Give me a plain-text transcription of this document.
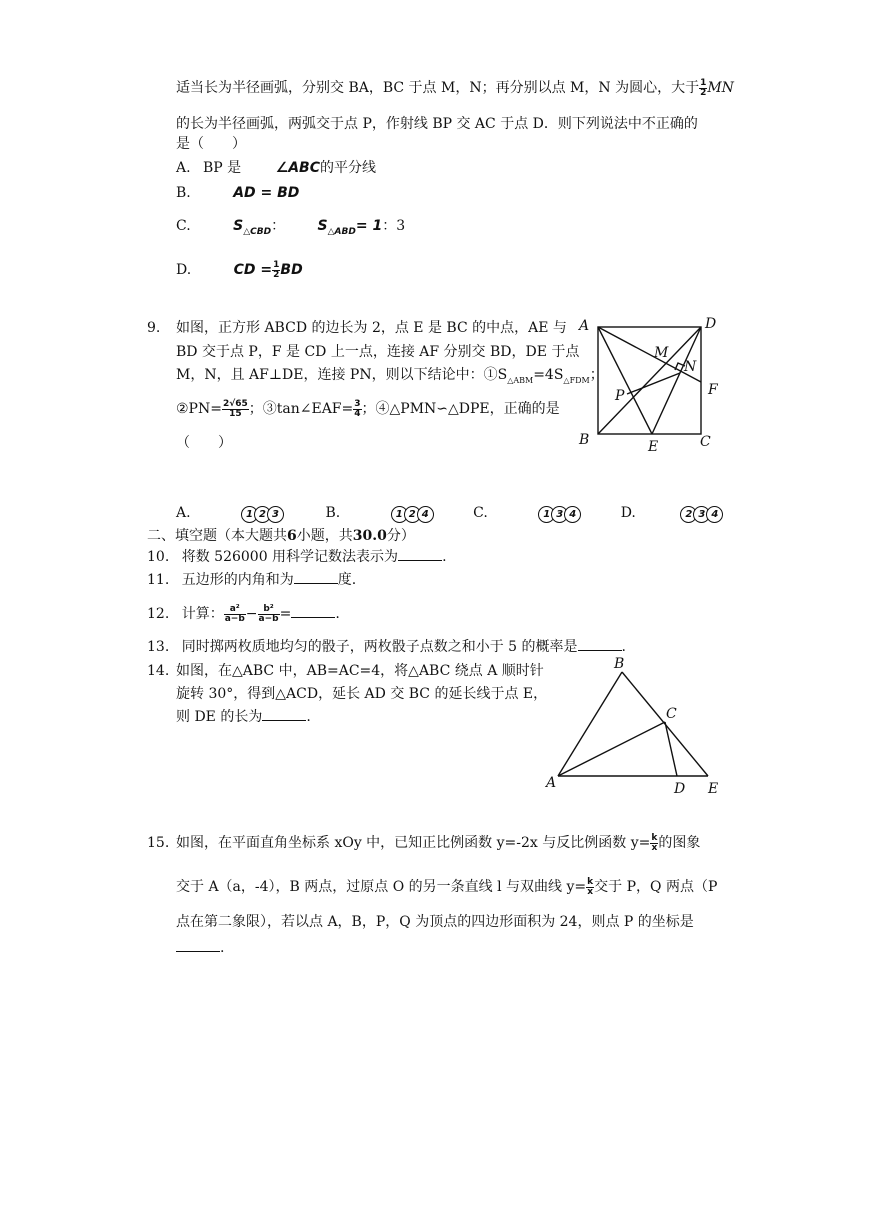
适当长为半径画弧，分别交 BA，BC 于点 M，N；再分别以点 M，N 为圆心，大于 $\frac{1}{2}$ MN
的长为半径画弧，两弧交于点 P，作射线 BP 交 AC 于点 D．则下列说法中不正确的
是（　　）
A. BP 是 ∠ABC的平分线
B.	AD = BD
C.	$S_{\triangle CBD}$： $S_{\triangle ABD}= 1$：3
D.	CD = $\frac{1}{2}$ BD
9. 如图，正方形 ABCD 的边长为 2，点 E 是 BC 的中点，AE 与
BD 交于点 P，F 是 CD 上一点，连接 AF 分别交 BD，DE 于点
M，N，且 AF⊥DE，连接 PN，则以下结论中：$①S_{\triangle ABM}=4S_{\triangle FDM}$；
②PN= $\frac{2√65}{15}$ ；③tan∠EAF= $\frac{3}{4}$ ；④△PMN∽△DPE，正确的是
（　　）
A	D
B	C
E
F
M
N
P
A.	1 2 3	B.	1 2 4	C.	1 3 4	D.	2 3 4
二、填空题（本大题共6小题，共30.0分）
10. 将数 526000 用科学记数法表示为	.
11. 五边形的内角和为	度.
12. 计算： $\frac{\text{a²}}{a-b} - \frac{\text{b²}}{a-b}$ =	.
13. 同时掷两枚质地均匀的骰子，两枚骰子点数之和小于 5 的概率是	.
14. 如图，在△ABC 中，AB=AC=4，将△ABC 绕点 A 顺时针
旋转 30°，得到△ACD，延长 AD 交 BC 的延长线于点 E，
则 DE 的长为	.
B
C
A	D E
15. 如图，在平面直角坐标系 xOy 中，已知正比例函数 y=-2x 与反比例函数 $y= \frac{k}{x}$ 的图象
交于 A（a，-4），B 两点，过原点 O 的另一条直线 l 与双曲线 $y= \frac{k}{x}$ 交于 P，Q 两点（P
点在第二象限），若以点 A，B，P，Q 为顶点的四边形面积为 24，则点 P 的坐标是
.
